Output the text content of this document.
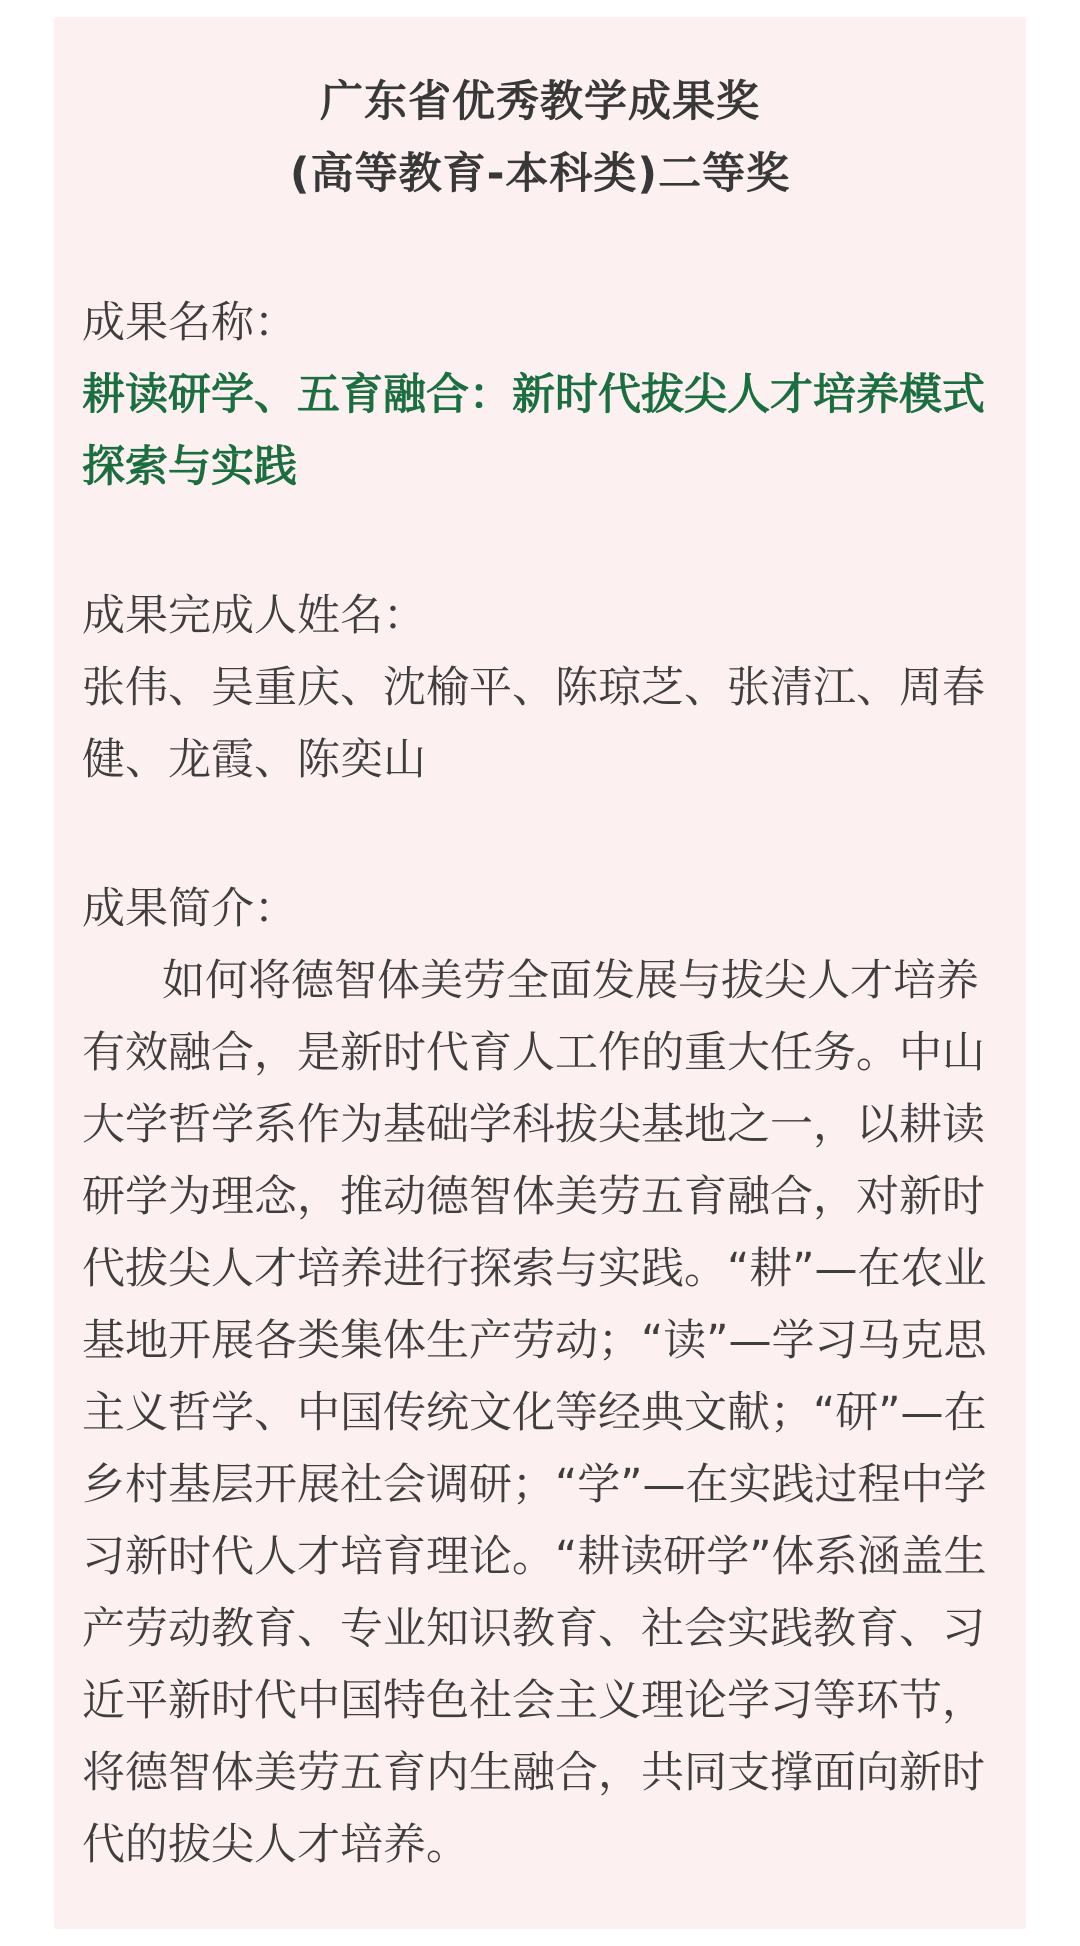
广东省优秀教学成果奖
(高等教育-本科类)二等奖
成果名称：
耕读研学、五育融合：新时代拔尖人才培养模式探索与实践
成果完成人姓名：
张伟、吴重庆、沈榆平、陈琼芝、张清江、周春健、龙霞、陈奕山
成果简介：
如何将德智体美劳全面发展与拔尖人才培养有效融合，是新时代育人工作的重大任务。中山大学哲学系作为基础学科拔尖基地之一，以耕读研学为理念，推动德智体美劳五育融合，对新时代拔尖人才培养进行探索与实践。“耕”—在农业基地开展各类集体生产劳动；“读”—学习马克思主义哲学、中国传统文化等经典文献；“研”—在乡村基层开展社会调研；“学”—在实践过程中学习新时代人才培育理论。“耕读研学”体系涵盖生产劳动教育、专业知识教育、社会实践教育、习近平新时代中国特色社会主义理论学习等环节，将德智体美劳五育内生融合，共同支撑面向新时代的拔尖人才培养。
